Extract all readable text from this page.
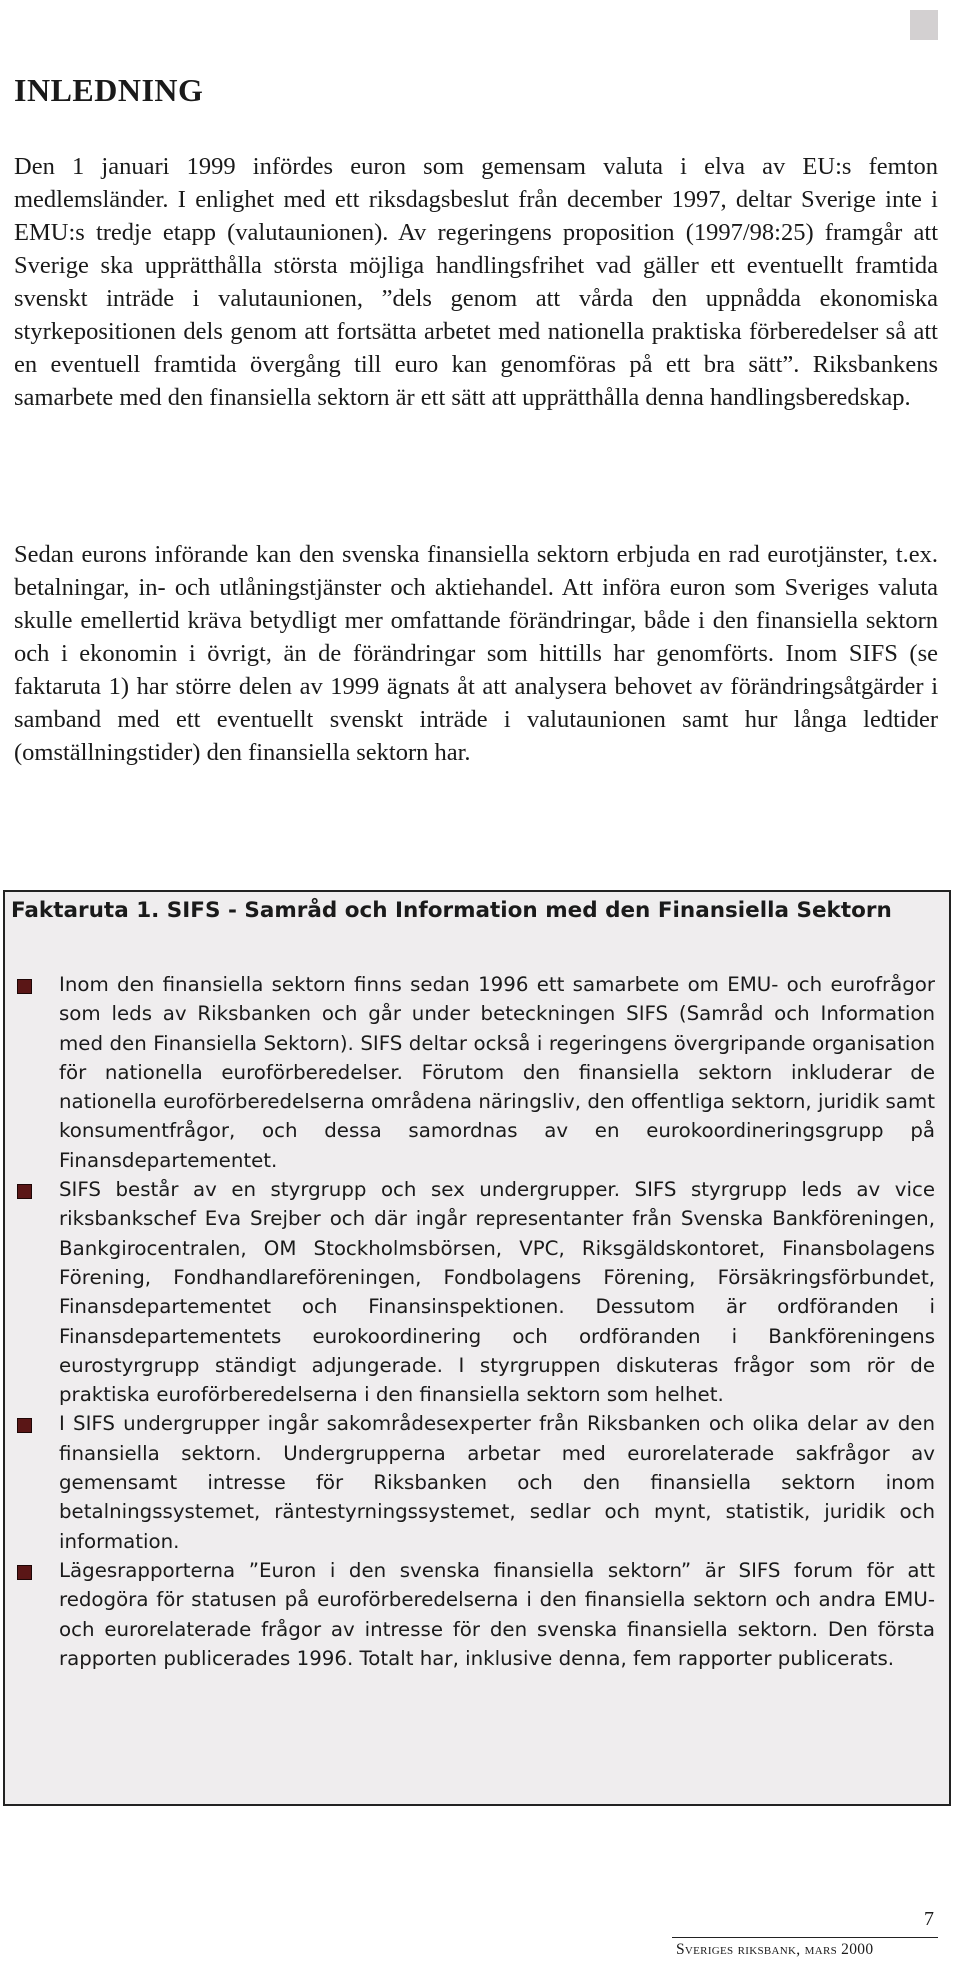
INLEDNING

Den 1 januari 1999 infördes euron som gemensam valuta i elva av EU:s femton medlemsländer. I enlighet med ett riksdagsbeslut från december 1997, deltar Sverige inte i EMU:s tredje etapp (valutaunionen). Av regeringens proposition (1997/98:25) framgår att Sverige ska upprätthålla största möjliga handlingsfrihet vad gäller ett eventuellt framtida svenskt inträde i valutaunionen, ”dels genom att vårda den uppnådda ekonomiska styrkepositionen dels genom att fortsätta arbetet med nationella praktiska förberedelser så att en eventuell framtida övergång till euro kan genomföras på ett bra sätt”. Riksbankens samarbete med den finansiella sektorn är ett sätt att upprätthålla denna handlingsberedskap.

Sedan eurons införande kan den svenska finansiella sektorn erbjuda en rad eurotjänster, t.ex. betalningar, in- och utlåningstjänster och aktiehandel. Att införa euron som Sveriges valuta skulle emellertid kräva betydligt mer omfattande förändringar, både i den finansiella sektorn och i ekonomin i övrigt, än de förändringar som hittills har genomförts. Inom SIFS (se faktaruta 1) har större delen av 1999 ägnats åt att analysera behovet av förändringsåtgärder i samband med ett eventuellt svenskt inträde i valutaunionen samt hur långa ledtider (omställningstider) den finansiella sektorn har.

Faktaruta 1. SIFS - Samråd och Information med den Finansiella Sektorn
Inom den finansiella sektorn finns sedan 1996 ett samarbete om EMU- och eurofrågor som leds av Riksbanken och går under beteckningen SIFS (Samråd och Information med den Finansiella Sektorn). SIFS deltar också i regeringens övergripande organisation för nationella euroförberedelser. Förutom den finansiella sektorn inkluderar de nationella euroförberedelserna områdena näringsliv, den offentliga sektorn, juridik samt konsumentfrågor, och dessa samordnas av en eurokoordineringsgrupp på Finansdepartementet.
SIFS består av en styrgrupp och sex undergrupper. SIFS styrgrupp leds av vice riksbankschef Eva Srejber och där ingår representanter från Svenska Bankföreningen, Bankgirocentralen, OM Stockholmsbörsen, VPC, Riksgäldskontoret, Finansbolagens Förening, Fondhandlareföreningen, Fondbolagens Förening, Försäkringsförbundet, Finansdepartementet och Finansinspektionen. Dessutom är ordföranden i Finansdepartementets eurokoordinering och ordföranden i Bankföreningens eurostyrgrupp ständigt adjungerade. I styrgruppen diskuteras frågor som rör de praktiska euroförberedelserna i den finansiella sektorn som helhet.
I SIFS undergrupper ingår sakområdesexperter från Riksbanken och olika delar av den finansiella sektorn. Undergrupperna arbetar med eurorelaterade sakfrågor av gemensamt intresse för Riksbanken och den finansiella sektorn inom betalningssystemet, räntestyrningssystemet, sedlar och mynt, statistik, juridik och information.
Lägesrapporterna ”Euron i den svenska finansiella sektorn” är SIFS forum för att redogöra för statusen på euroförberedelserna i den finansiella sektorn och andra EMU- och eurorelaterade frågor av intresse för den svenska finansiella sektorn. Den första rapporten publicerades 1996. Totalt har, inklusive denna, fem rapporter publicerats.
7
Sveriges riksbank, mars 2000
